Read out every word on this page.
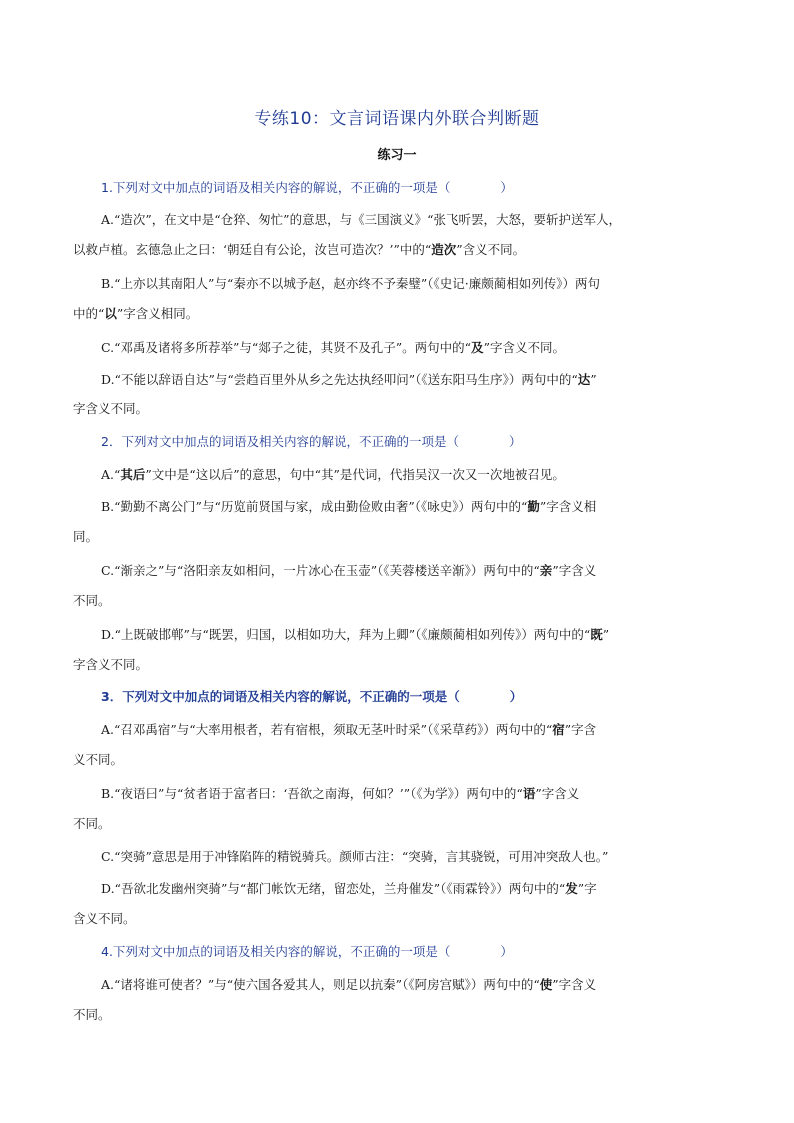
专练10：文言词语课内外联合判断题
练习一
1.下列对文中加点的词语及相关内容的解说，不正确的一项是（　　　　）
A.“造次”，在文中是“仓猝、匆忙”的意思，与《三国演义》“张飞听罢，大怒，要斩护送军人，
以救卢植。玄德急止之曰：‘朝廷自有公论，汝岂可造次？’”中的“造次”含义不同。
B.“上亦以其南阳人”与“秦亦不以城予赵，赵亦终不予秦璧”（《史记·廉颇蔺相如列传》）两句
中的“以”字含义相同。
C.“邓禹及诸将多所荐举”与“郯子之徒，其贤不及孔子”。两句中的“及”字含义不同。
D.“不能以辞语自达”与“尝趋百里外从乡之先达执经叩问”（《送东阳马生序》）两句中的“达”
字含义不同。
2．下列对文中加点的词语及相关内容的解说，不正确的一项是（　　　　）
A.“其后”文中是“这以后”的意思，句中“其”是代词，代指吴汉一次又一次地被召见。
B.“勤勤不离公门”与“历览前贤国与家，成由勤俭败由奢”（《咏史》）两句中的“勤”字含义相
同。
C.“渐亲之”与“洛阳亲友如相问，一片冰心在玉壶”（《芙蓉楼送辛渐》）两句中的“亲”字含义
不同。
D.“上既破邯郸”与“既罢，归国，以相如功大，拜为上卿”（《廉颇蔺相如列传》）两句中的“既”
字含义不同。
3．下列对文中加点的词语及相关内容的解说，不正确的一项是（　　　　）
A.“召邓禹宿”与“大率用根者，若有宿根，须取无茎叶时采”（《采草药》）两句中的“宿”字含
义不同。
B.“夜语曰”与“贫者语于富者曰：‘吾欲之南海，何如？’”（《为学》）两句中的“语”字含义
不同。
C.“突骑”意思是用于冲锋陷阵的精锐骑兵。颜师古注：“突骑，言其骁锐，可用冲突敌人也。”
D.“吾欲北发幽州突骑”与“都门帐饮无绪，留恋处，兰舟催发”（《雨霖铃》）两句中的“发”字
含义不同。
4.下列对文中加点的词语及相关内容的解说，不正确的一项是（　　　　）
A.“诸将谁可使者？”与“使六国各爱其人，则足以抗秦”（《阿房宫赋》）两句中的“使”字含义
不同。
